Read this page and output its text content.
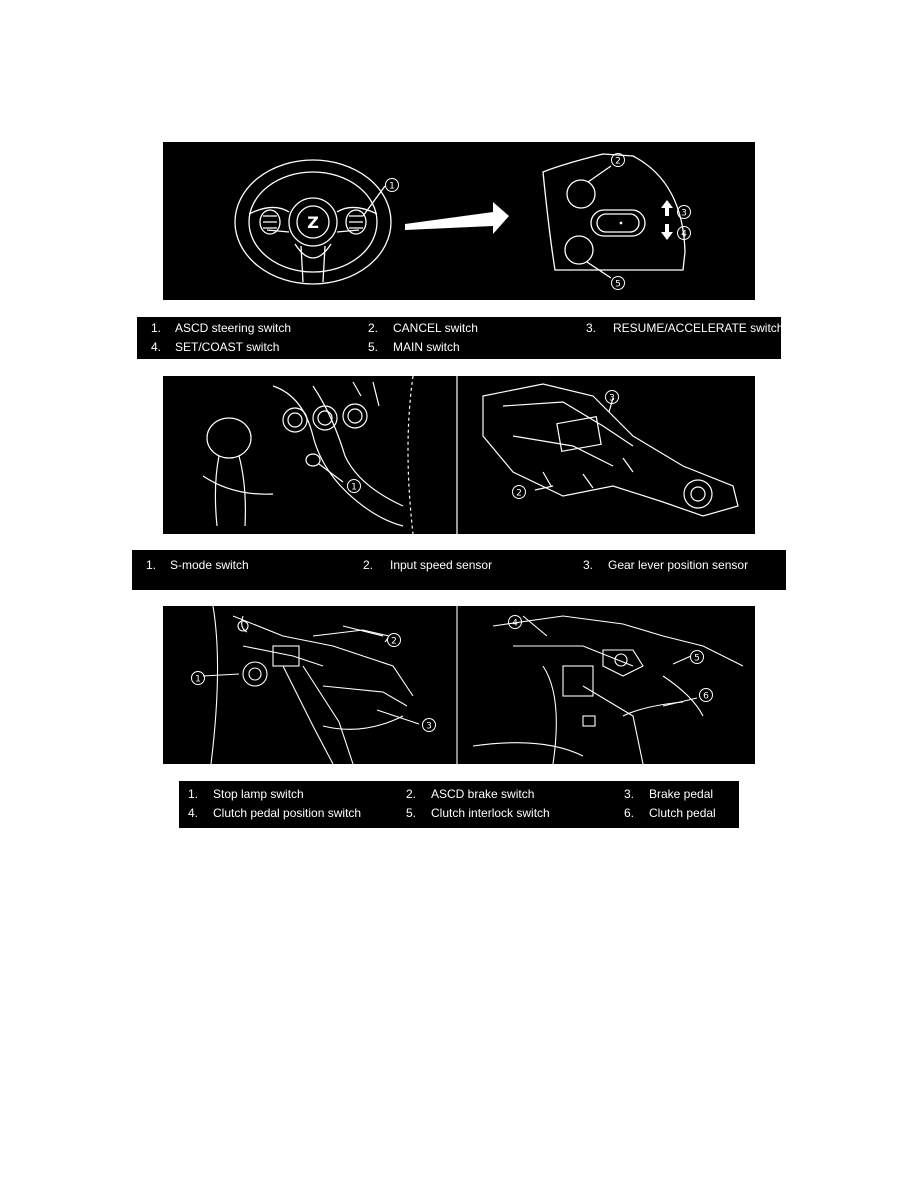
Z
1
2
3
4
5
1. ASCD steering switch	2. CANCEL switch	3. RESUME/ACCELERATE switch
4. SET/COAST switch	5. MAIN switch
1
2
3
1. S-mode switch	2. Input speed sensor	3. Gear lever position sensor
1
2
3
4
5
6
1. Stop lamp switch	2. ASCD brake switch	3. Brake pedal
4. Clutch pedal position switch	5. Clutch interlock switch	6. Clutch pedal
